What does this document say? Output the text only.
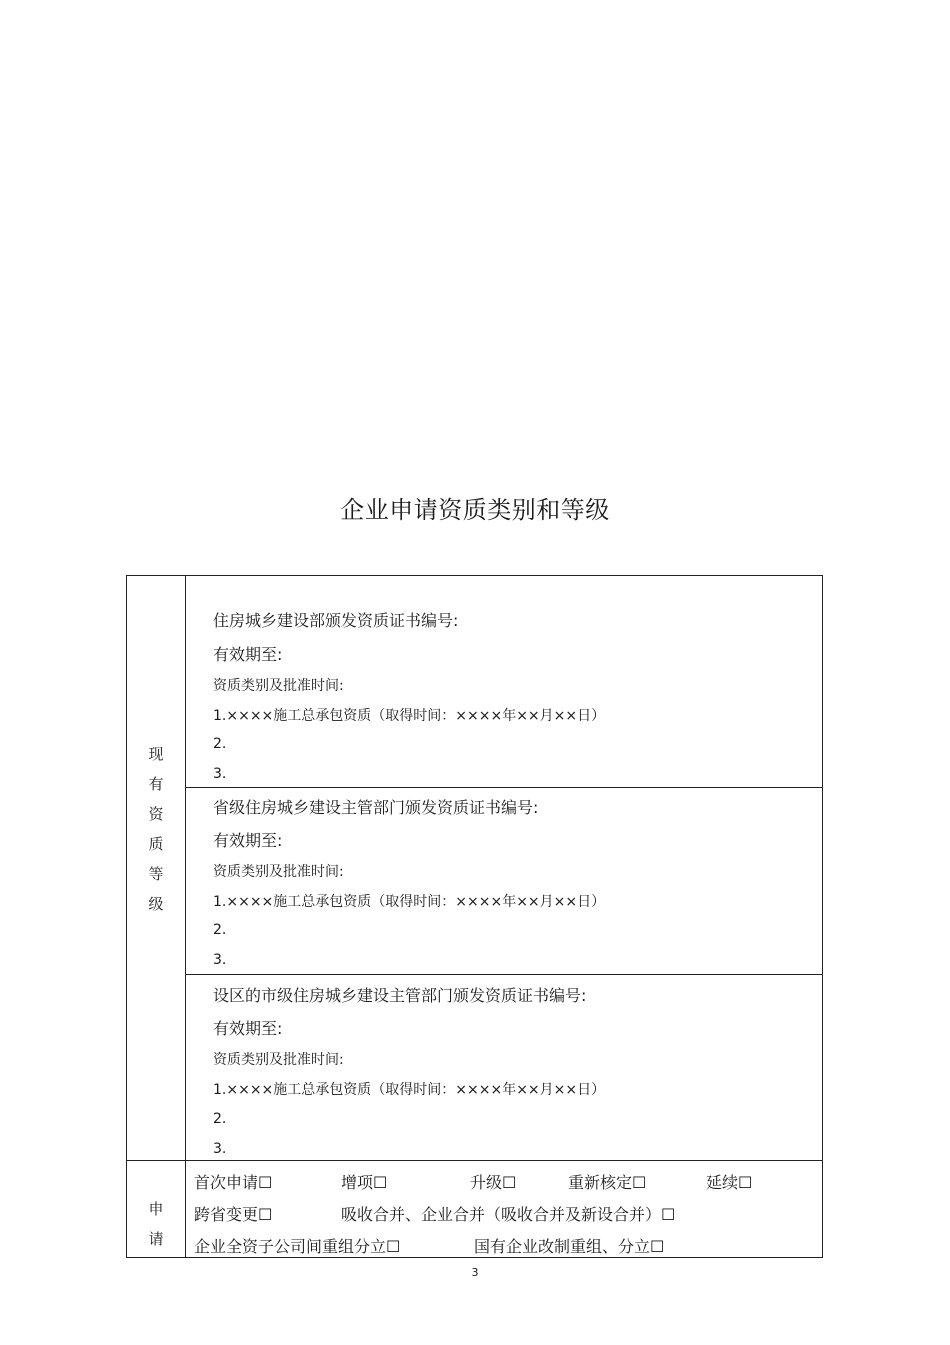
企业申请资质类别和等级
现
有
资
质
等
级
住房城乡建设部颁发资质证书编号:
有效期至:
资质类别及批准时间:
1.××××施工总承包资质（取得时间：××××年××月××日）
2.
3.
省级住房城乡建设主管部门颁发资质证书编号:
有效期至:
资质类别及批准时间:
1.××××施工总承包资质（取得时间：××××年××月××日）
2.
3.
设区的市级住房城乡建设主管部门颁发资质证书编号:
有效期至:
资质类别及批准时间:
1.××××施工总承包资质（取得时间：××××年××月××日）
2.
3.
申
请
首次申请☐	增项☐	升级☐	重新核定☐	延续☐
跨省变更☐	吸收合并、企业合并（吸收合并及新设合并）☐
企业全资子公司间重组分立☐	国有企业改制重组、分立☐
3
